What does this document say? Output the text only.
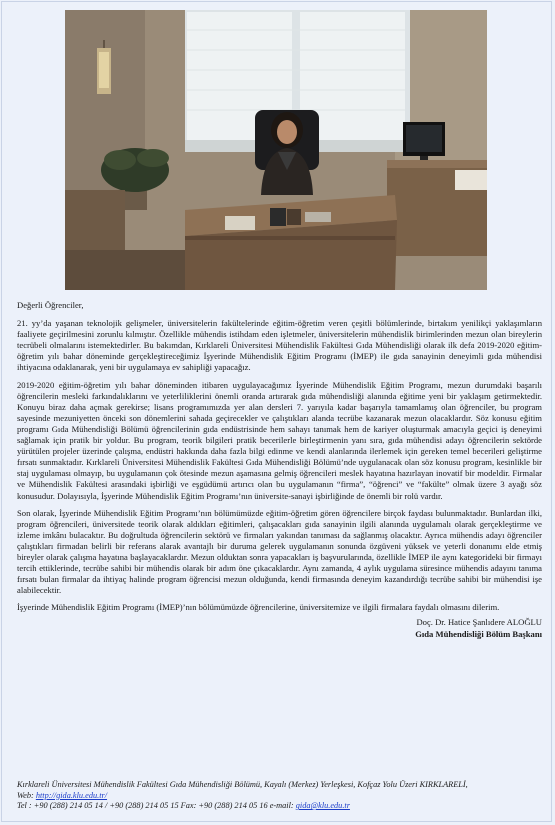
Değerli Öğrenciler,

21. yy’da yaşanan teknolojik gelişmeler, üniversitelerin fakültelerinde eğitim-öğretim veren çeşitli bölümlerinde, birtakım yenilikçi yaklaşımların faaliyete geçirilmesini zorunlu kılmıştır. Özellikle mühendis istihdam eden işletmeler, üniversitelerin mühendislik birimlerinden mezun olan bireylerin tecrübeli olmalarını istemektedirler. Bu bakımdan, Kırklareli Üniversitesi Mühendislik Fakültesi Gıda Mühendisliği olarak ilk defa 2019-2020 eğitim-öğretim yılı bahar döneminde gerçekleştireceğimiz İşyerinde Mühendislik Eğitim Programı (İMEP) ile gıda sanayinin deneyimli gıda mühendisi ihtiyacına odaklanarak, yeni bir uygulamaya ev sahipliği yapacağız.

2019-2020 eğitim-öğretim yılı bahar döneminden itibaren uygulayacağımız İşyerinde Mühendislik Eğitim Programı, mezun durumdaki başarılı öğrencilerin mesleki farkındalıklarını ve yeterliliklerini önemli oranda artırarak gıda mühendisliği alanında eğitime yeni bir yaklaşım getirmektedir. Konuyu biraz daha açmak gerekirse; lisans programımızda yer alan dersleri 7. yarıyıla kadar başarıyla tamamlamış olan öğrenciler, bu program sayesinde mezuniyetten önceki son dönemlerini sahada geçirecekler ve çalıştıkları alanda tecrübe kazanarak mezun olacaklardır. Söz konusu eğitim programı Gıda Mühendisliği Bölümü öğrencilerinin gıda endüstrisinde hem sahayı tanımak hem de kariyer oluşturmak amacıyla geçici iş deneyimi sağlamak için pratik bir yoldur. Bu program, teorik bilgileri pratik becerilerle birleştirmenin yanı sıra, gıda mühendisi adayı öğrencilerin sektörde yürütülen projeler üzerinde çalışma, endüstri hakkında daha fazla bilgi edinme ve kendi alanlarında ilerlemek için gereken temel becerileri geliştirme fırsatı sunmaktadır. Kırklareli Üniversitesi Mühendislik Fakültesi Gıda Mühendisliği Bölümü’nde uygulanacak olan söz konusu program, kesinlikle bir staj uygulaması olmayıp, bu uygulamanın çok ötesinde mezun aşamasına gelmiş öğrencileri meslek hayatına hazırlayan inovatif bir modeldir. Firmalar ve Mühendislik Fakültesi arasındaki işbirliği ve eşgüdümü artırıcı olan bu uygulamanın “firma”, “öğrenci” ve “fakülte” olmak üzere 3 ayağı söz konusudur. Dolayısıyla, İşyerinde Mühendislik Eğitim Programı’nın üniversite-sanayi işbirliğinde de önemli bir rolü vardır.

Son olarak, İşyerinde Mühendislik Eğitim Programı’nın bölümümüzde eğitim-öğretim gören öğrencilere birçok faydası bulunmaktadır. Bunlardan ilki, program öğrencileri, üniversitede teorik olarak aldıkları eğitimleri, çalışacakları gıda sanayinin ilgili alanında uygulamalı olarak gerçekleştirme ve izleme imkânı bulacaktır. Bu doğrultuda öğrencilerin sektörü ve firmaları yakından tanıması da sağlanmış olacaktır. Ayrıca mühendis adayı öğrenciler çalıştıkları firmadan belirli bir referans alarak avantajlı bir duruma gelerek uygulamanın sonunda özgüveni yüksek ve yeterli donanımı elde etmiş bireyler olarak çalışma hayatına başlayacaklardır. Mezun olduktan sonra yapacakları iş başvurularında, özellikle İMEP ile aynı kategorideki bir firmayı tercih ettiklerinde, tecrübe sahibi bir mühendis olarak bir adım öne çıkacaklardır. Aynı zamanda, 4 aylık uygulama süresince mühendis adayını tanıma fırsatı bulan firmalar da ihtiyaç halinde program öğrencisi mezun olduğunda, kendi firmasında deneyim kazandırdığı tecrübe sahibi bir mühendisi işe alabilecektir.

İşyerinde Mühendislik Eğitim Programı (İMEP)’nın bölümümüzde öğrencilerine, üniversitemize ve ilgili firmalara faydalı olmasını dilerim.

Doç. Dr. Hatice Şanlıdere ALOĞLU
Gıda Mühendisliği Bölüm Başkanı
Kırklareli Üniversitesi Mühendislik Fakültesi Gıda Mühendisliği Bölümü, Kayalı (Merkez) Yerleşkesi, Kofçaz Yolu Üzeri KIRKLARELİ,
Web: http://gida.klu.edu.tr/
Tel : +90 (288) 214 05 14 / +90 (288) 214 05 15 Fax: +90 (288) 214 05 16 e-mail: gida@klu.edu.tr
